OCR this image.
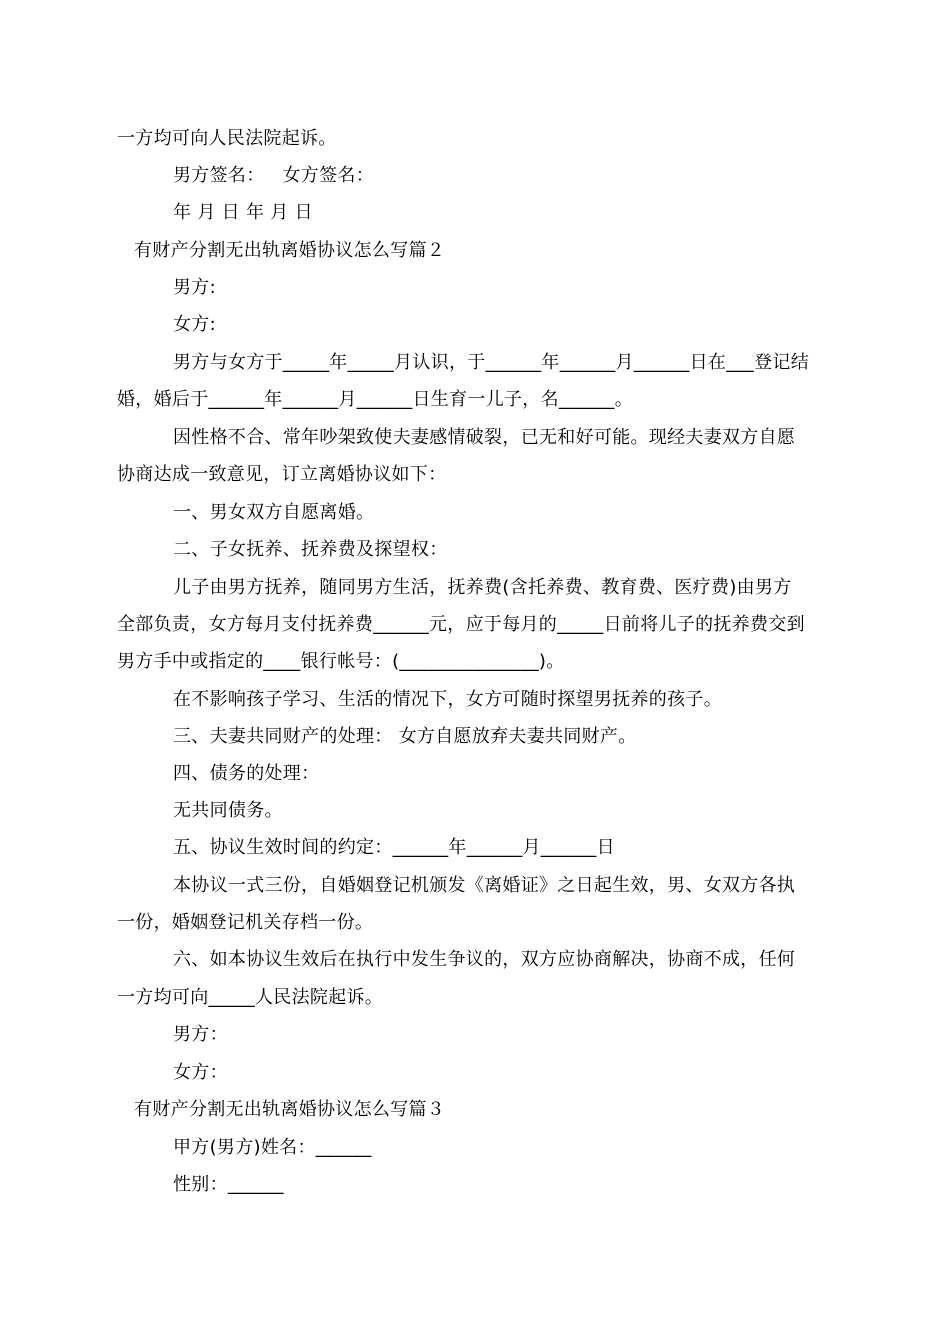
一方均可向人民法院起诉。
男方签名： 女方签名：
年 月 日 年 月 日
有财产分割无出轨离婚协议怎么写篇２
男方:
女方:
男方与女方于_____年_____月认识，于______年______月______日在___登记结
婚，婚后于______年______月______日生育一儿子，名______。
因性格不合、常年吵架致使夫妻感情破裂，已无和好可能。现经夫妻双方自愿
协商达成一致意见，订立离婚协议如下：
一、男女双方自愿离婚。
二、子女抚养、抚养费及探望权：
儿子由男方抚养，随同男方生活，抚养费(含托养费、教育费、医疗费)由男方
全部负责，女方每月支付抚养费______元，应于每月的_____日前将儿子的抚养费交到
男方手中或指定的____银行帐号：(_______________)。
在不影响孩子学习、生活的情况下，女方可随时探望男抚养的孩子。
三、夫妻共同财产的处理： 女方自愿放弃夫妻共同财产。
四、债务的处理：
无共同债务。
五、协议生效时间的约定：______年______月______日
本协议一式三份，自婚姻登记机颁发《离婚证》之日起生效，男、女双方各执
一份，婚姻登记机关存档一份。
六、如本协议生效后在执行中发生争议的，双方应协商解决，协商不成，任何
一方均可向_____人民法院起诉。
男方：
女方：
有财产分割无出轨离婚协议怎么写篇３
甲方(男方)姓名：______
性别：______
